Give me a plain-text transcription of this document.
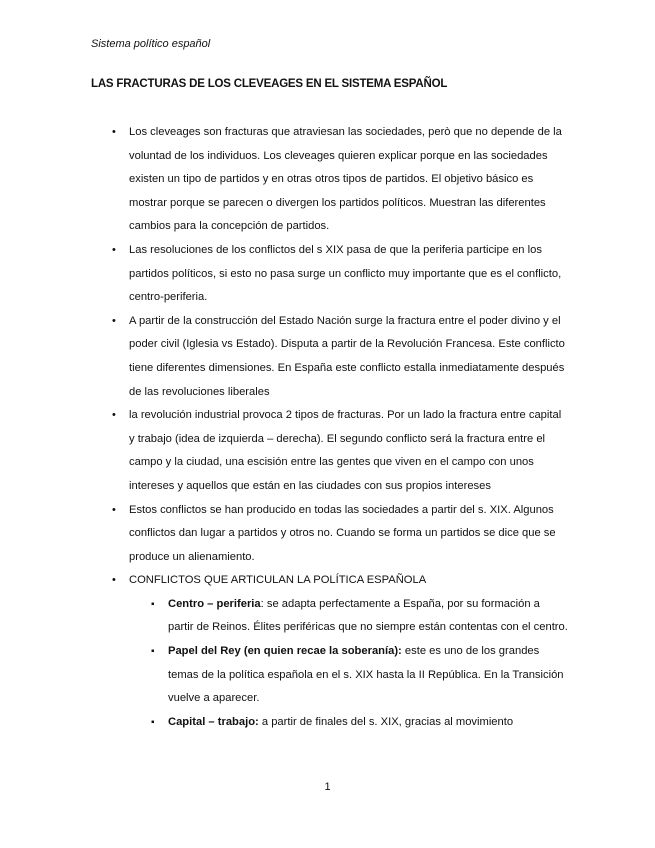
Sistema político español
LAS FRACTURAS DE LOS CLEVEAGES EN EL SISTEMA ESPAÑOL
• Los cleveages son fracturas que atraviesan las sociedades, però que no depende de la voluntad de los individuos. Los cleveages quieren explicar porque en las sociedades existen un tipo de partidos y en otras otros tipos de partidos. El objetivo básico es mostrar porque se parecen o divergen los partidos políticos. Muestran las diferentes cambios para la concepción de partidos.
• Las resoluciones de los conflictos del s XIX pasa de que la periferia participe en los partidos políticos, si esto no pasa surge un conflicto muy importante que es el conflicto, centro-periferia.
• A partir de la construcción del Estado Nación surge la fractura entre el poder divino y el poder civil (Iglesia vs Estado). Disputa a partir de la Revolución Francesa. Este conflicto tiene diferentes dimensiones. En España este conflicto estalla inmediatamente después de las revoluciones liberales
• la revolución industrial provoca 2 tipos de fracturas. Por un lado la fractura entre capital y trabajo (idea de izquierda – derecha). El segundo conflicto será la fractura entre el campo y la ciudad, una escisión entre las gentes que viven en el campo con unos intereses y aquellos que están en las ciudades con sus propios intereses
• Estos conflictos se han producido en todas las sociedades a partir del s. XIX. Algunos conflictos dan lugar a partidos y otros no. Cuando se forma un partidos se dice que se produce un alienamiento.
• CONFLICTOS QUE ARTICULAN LA POLÍTICA ESPAÑOLA
▪ Centro – periferia: se adapta perfectamente a España, por su formación a partir de Reinos. Élites periféricas que no siempre están contentas con el centro.
▪ Papel del Rey (en quien recae la soberanía): este es uno de los grandes temas de la política española en el s. XIX hasta la II República. En la Transición vuelve a aparecer.
▪ Capital – trabajo: a partir de finales del s. XIX, gracias al movimiento
1
